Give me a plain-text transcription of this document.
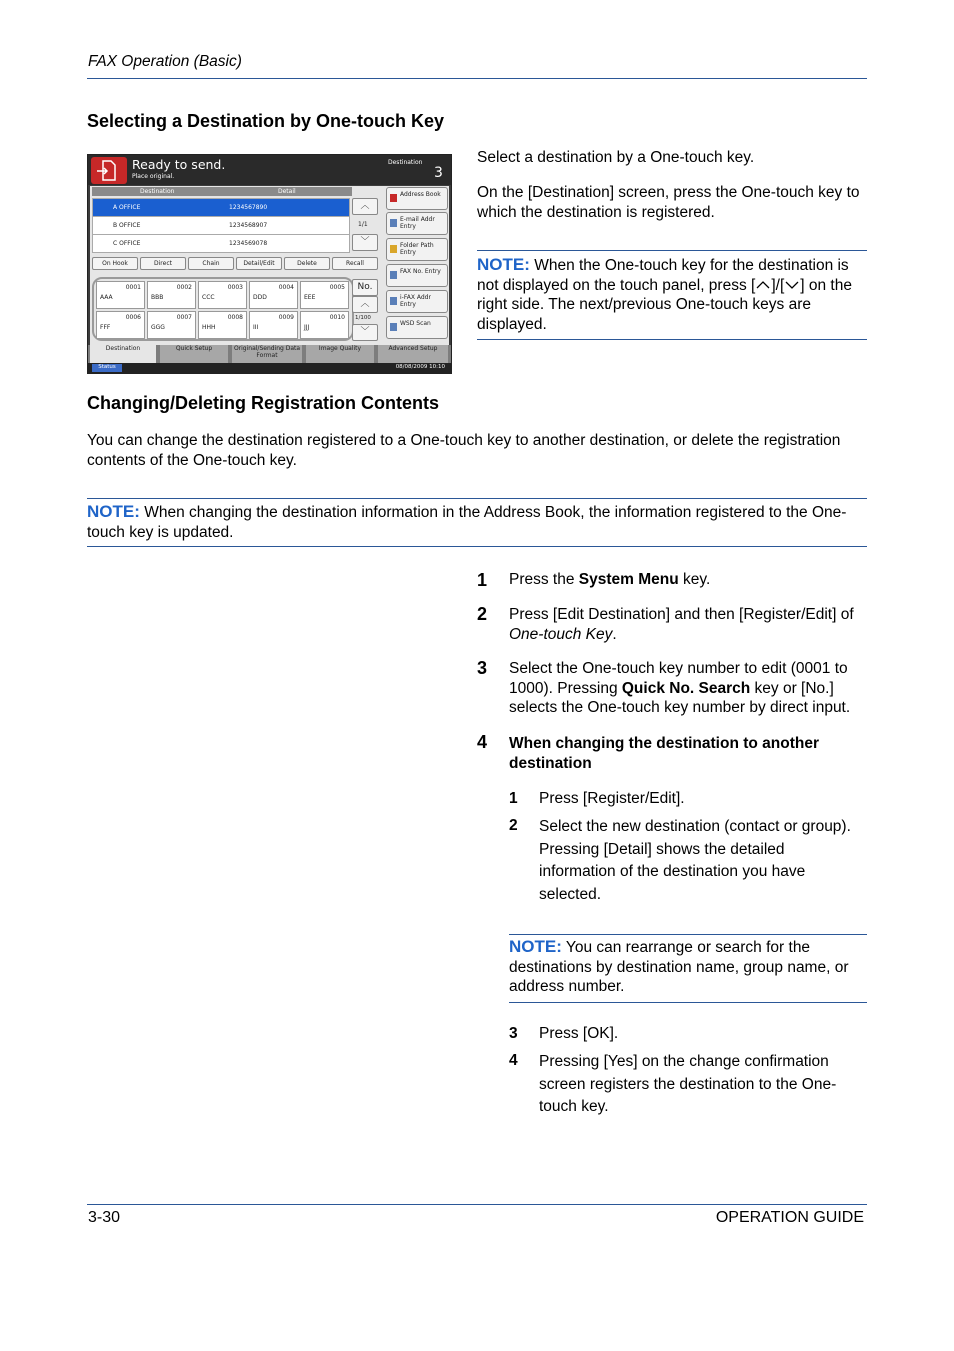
FAX Operation (Basic)
Selecting a Destination by One-touch Key
Ready to send.
Place original.
Destination
3
Destination	Detail
A OFFICE	1234567890
B OFFICE	1234568907
C OFFICE	1234569078
︿
1/1
﹀
Address Book
E-mail Addr Entry
Folder Path Entry
FAX No. Entry
i-FAX Addr Entry
WSD Scan
On Hook	Direct	Chain	Detail/Edit	Delete	Recall
0001
AAA
0002
BBB
0003
CCC
0004
DDD
0005
EEE
0006
FFF
0007
GGG
0008
HHH
0009
III
0010
JJJ
No.
︿
1/100
﹀
Destination	Quick Setup	Original/Sending Data Format
Image Quality	Advanced Setup
Status	08/08/2009 10:10
Select a destination by a One-touch key.
On the [Destination] screen, press the One-touch key to which the destination is registered.
NOTE: When the One-touch key for the destination is not displayed on the touch panel, press [ ]/[ ] on the right side. The next/previous One-touch keys are displayed.
Changing/Deleting Registration Contents
You can change the destination registered to a One-touch key to another destination, or delete the registration contents of the One-touch key.
NOTE: When changing the destination information in the Address Book, the information registered to the One-touch key is updated.
1 Press the System Menu key.
2 Press [Edit Destination] and then [Register/Edit] of One-touch Key.
3 Select the One-touch key number to edit (0001 to 1000). Pressing Quick No. Search key or [No.] selects the One-touch key number by direct input.
4 When changing the destination to another destination
1 Press [Register/Edit].
2 Select the new destination (contact or group). Pressing [Detail] shows the detailed information of the destination you have selected.
NOTE: You can rearrange or search for the destinations by destination name, group name, or address number.
3 Press [OK].
4 Pressing [Yes] on the change confirmation screen registers the destination to the One-touch key.
3-30	OPERATION GUIDE
